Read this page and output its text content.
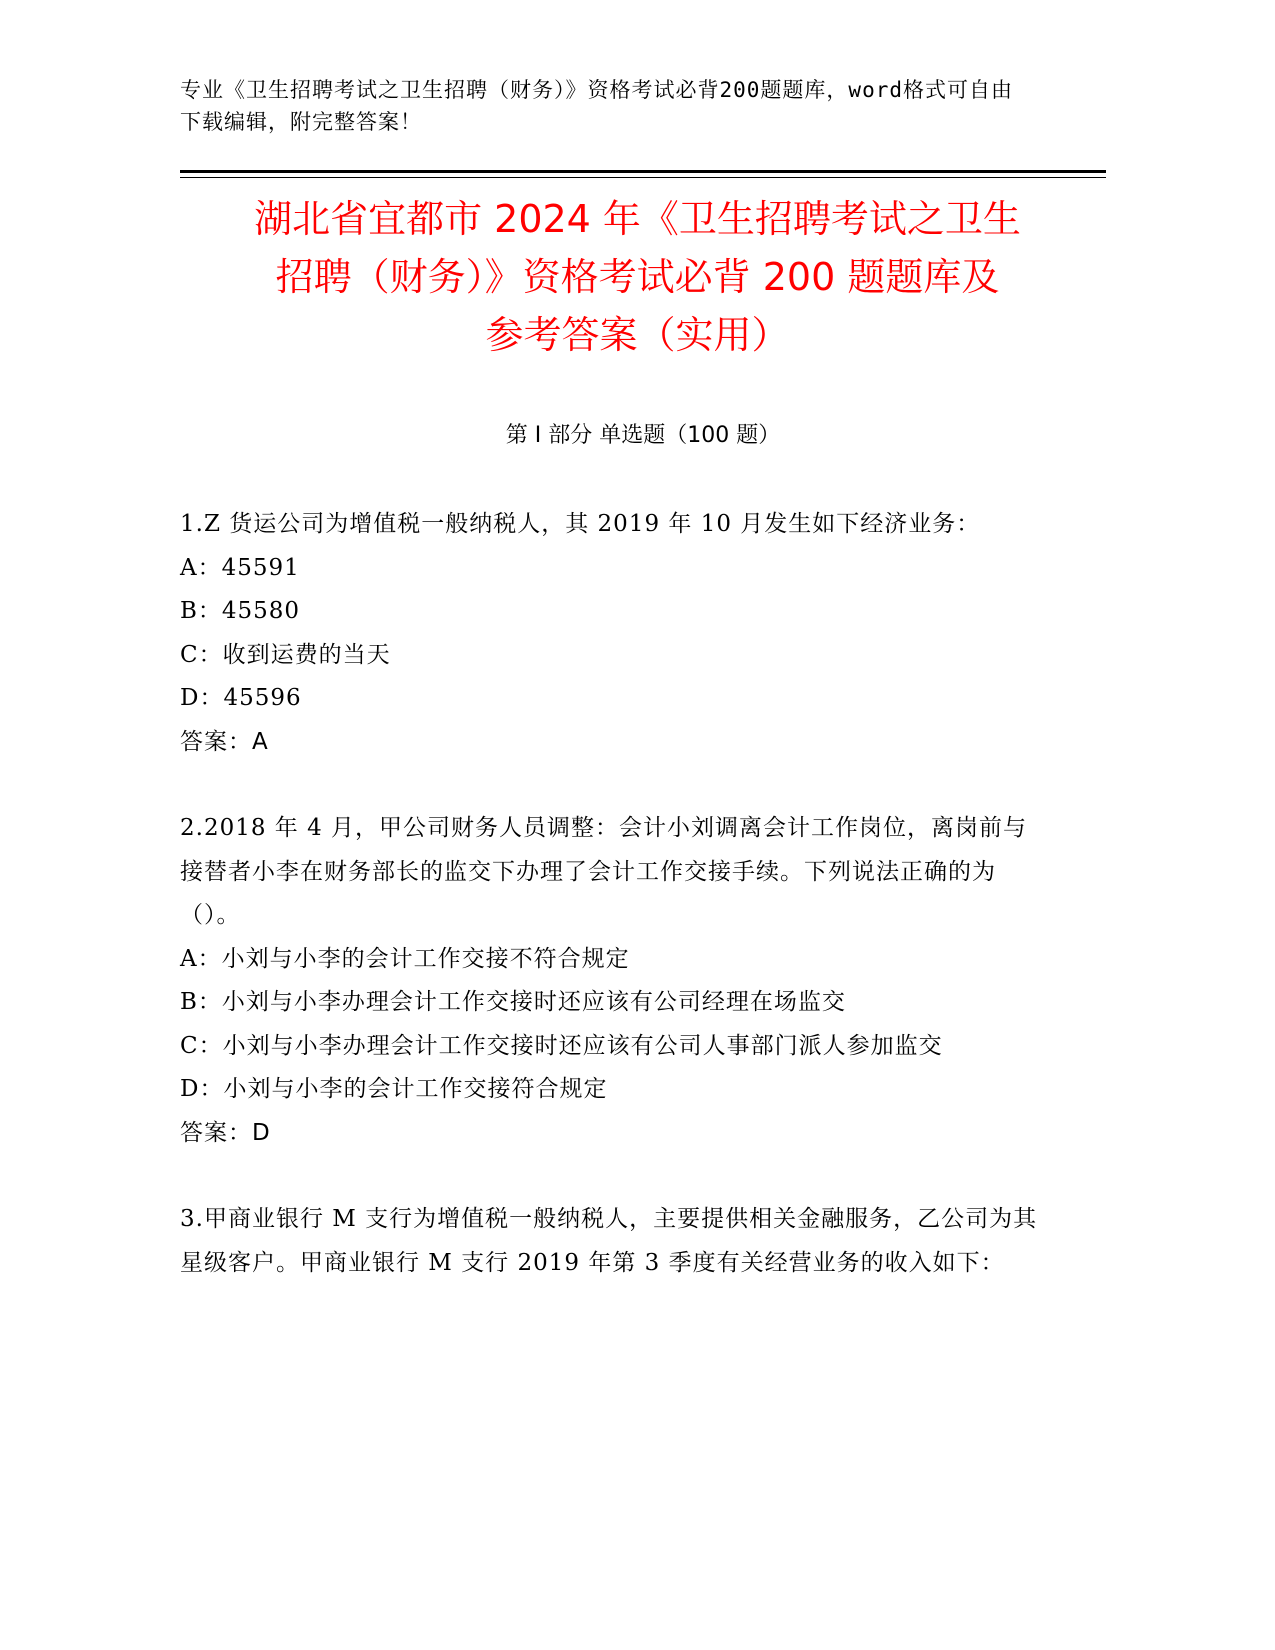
专业《卫生招聘考试之卫生招聘（财务）》资格考试必背200题题库，word格式可自由下载编辑，附完整答案！
湖北省宜都市 2024 年《卫生招聘考试之卫生
招聘（财务）》资格考试必背 200 题题库及
参考答案（实用）
第 I 部分 单选题（100 题）
1.Z 货运公司为增值税一般纳税人，其 2019 年 10 月发生如下经济业务：
A：45591
B：45580
C：收到运费的当天
D：45596
答案：A
2.2018 年 4 月，甲公司财务人员调整：会计小刘调离会计工作岗位，离岗前与接替者小李在财务部长的监交下办理了会计工作交接手续。下列说法正确的为（）。
A：小刘与小李的会计工作交接不符合规定
B：小刘与小李办理会计工作交接时还应该有公司经理在场监交
C：小刘与小李办理会计工作交接时还应该有公司人事部门派人参加监交
D：小刘与小李的会计工作交接符合规定
答案：D
3.甲商业银行 M 支行为增值税一般纳税人，主要提供相关金融服务，乙公司为其星级客户。甲商业银行 M 支行 2019 年第 3 季度有关经营业务的收入如下：
